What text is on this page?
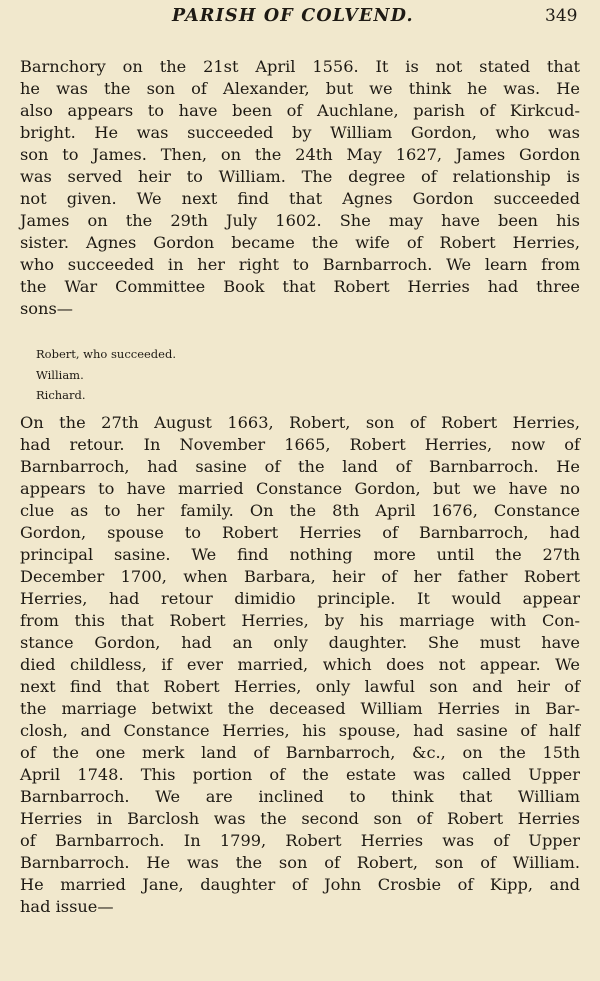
PARISH OF COLVEND.	349
Barnchory on the 21st April 1556. It is not stated that
he was the son of Alexander, but we think he was. He
also appears to have been of Auchlane, parish of Kirkcud-
bright. He was succeeded by William Gordon, who was
son to James. Then, on the 24th May 1627, James Gordon
was served heir to William. The degree of relationship is
not given. We next find that Agnes Gordon succeeded
James on the 29th July 1602. She may have been his
sister. Agnes Gordon became the wife of Robert Herries,
who succeeded in her right to Barnbarroch. We learn from
the War Committee Book that Robert Herries had three
sons—
Robert, who succeeded.
William.
Richard.
On the 27th August 1663, Robert, son of Robert Herries,
had retour. In November 1665, Robert Herries, now of
Barnbarroch, had sasine of the land of Barnbarroch. He
appears to have married Constance Gordon, but we have no
clue as to her family. On the 8th April 1676, Constance
Gordon, spouse to Robert Herries of Barnbarroch, had
principal sasine. We find nothing more until the 27th
December 1700, when Barbara, heir of her father Robert
Herries, had retour dimidio principle. It would appear
from this that Robert Herries, by his marriage with Con-
stance Gordon, had an only daughter. She must have
died childless, if ever married, which does not appear. We
next find that Robert Herries, only lawful son and heir of
the marriage betwixt the deceased William Herries in Bar-
closh, and Constance Herries, his spouse, had sasine of half
of the one merk land of Barnbarroch, &c., on the 15th
April 1748. This portion of the estate was called Upper
Barnbarroch. We are inclined to think that William
Herries in Barclosh was the second son of Robert Herries
of Barnbarroch. In 1799, Robert Herries was of Upper
Barnbarroch. He was the son of Robert, son of William.
He married Jane, daughter of John Crosbie of Kipp, and
had issue—
